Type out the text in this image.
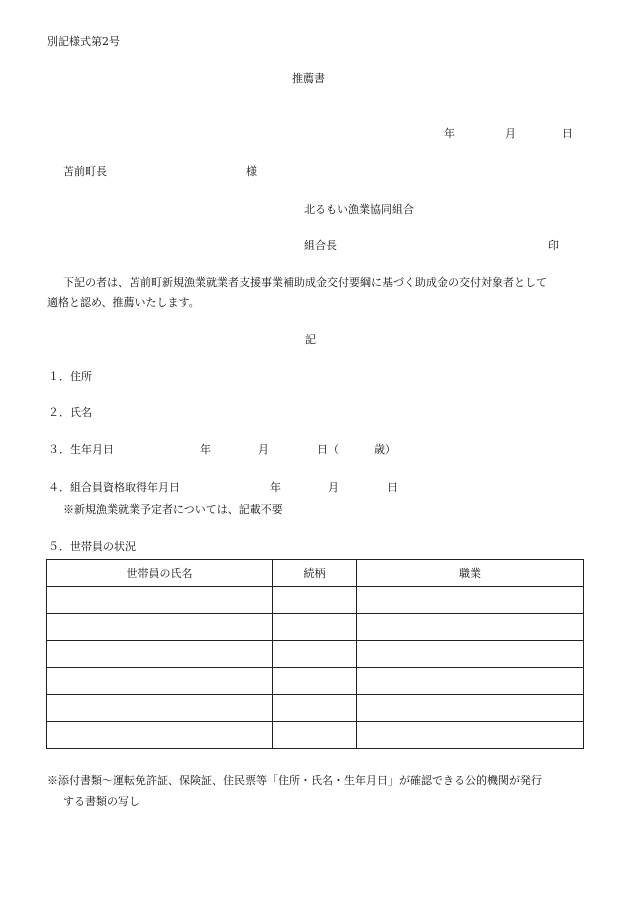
別記様式第2号
推薦書
年	月	日
苫前町長	様
北るもい漁業協同組合
組合長	印
下記の者は、苫前町新規漁業就業者支援事業補助成金交付要綱に基づく助成金の交付対象者として
適格と認め、推薦いたします。
記
１．住所
２．氏名
３．生年月日	年	月	日（	歳）
４．組合員資格取得年月日	年	月	日
※新規漁業就業予定者については、記載不要
５．世帯員の状況
世帯員の氏名	続柄	職業

※添付書類〜運転免許証、保険証、住民票等「住所・氏名・生年月日」が確認できる公的機関が発行
する書類の写し
